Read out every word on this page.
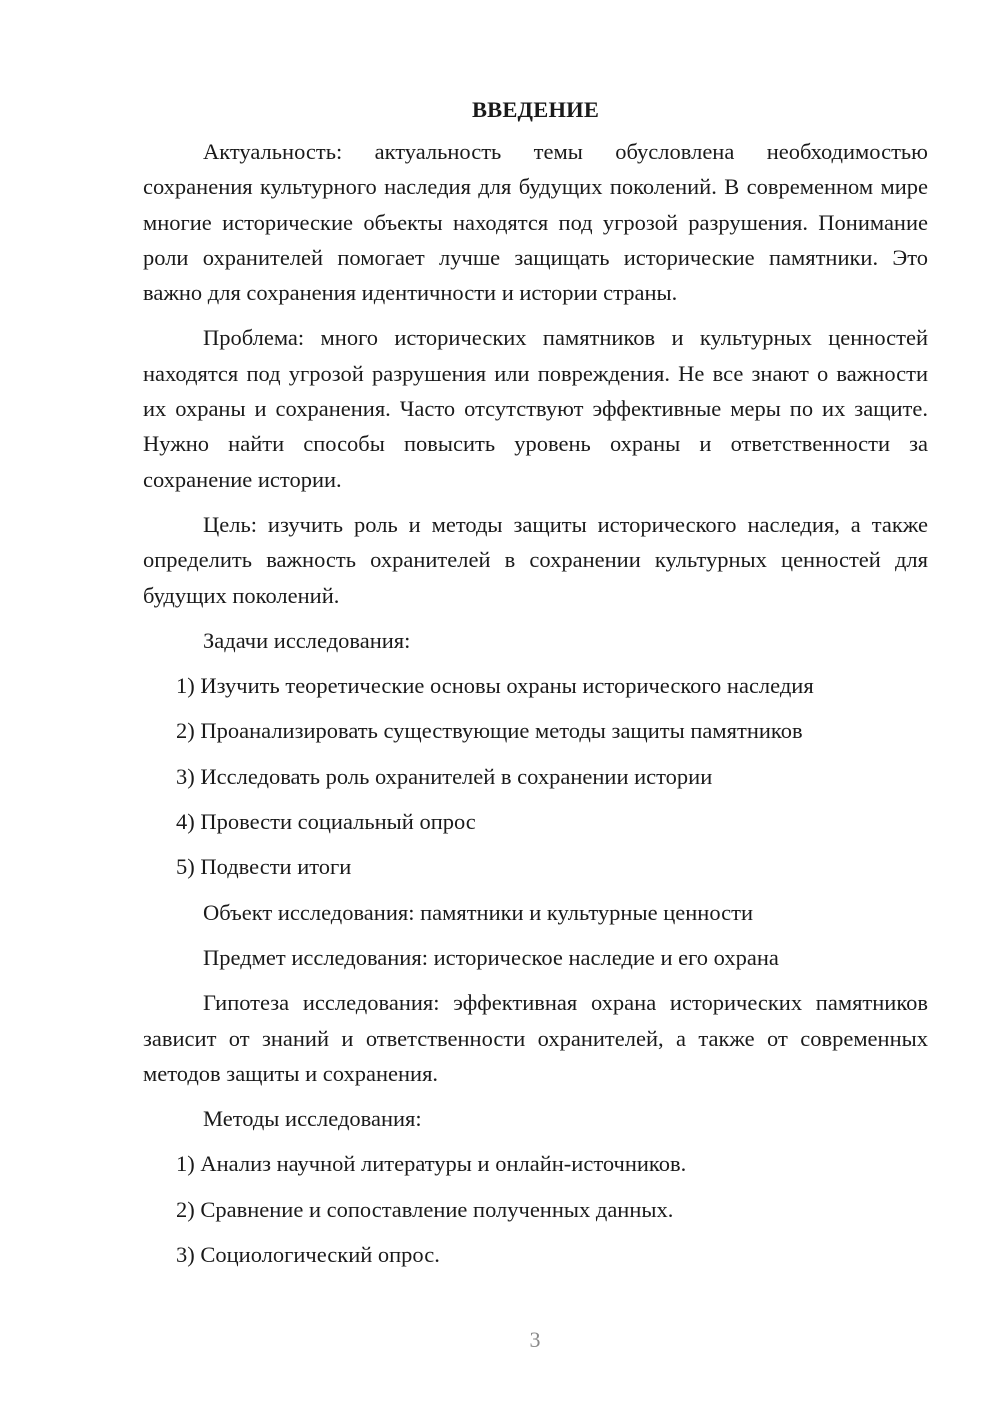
ВВЕДЕНИЕ

Актуальность: актуальность темы обусловлена необходимостью сохранения культурного наследия для будущих поколений. В современном мире многие исторические объекты находятся под угрозой разрушения. Понимание роли охранителей помогает лучше защищать исторические памятники. Это важно для сохранения идентичности и истории страны.

Проблема: много исторических памятников и культурных ценностей находятся под угрозой разрушения или повреждения. Не все знают о важности их охраны и сохранения. Часто отсутствуют эффективные меры по их защите. Нужно найти способы повысить уровень охраны и ответственности за сохранение истории.

Цель: изучить роль и методы защиты исторического наследия, а также определить важность охранителей в сохранении культурных ценностей для будущих поколений.

Задачи исследования:

1) Изучить теоретические основы охраны исторического наследия

2) Проанализировать существующие методы защиты памятников

3) Исследовать роль охранителей в сохранении истории

4) Провести социальный опрос

5) Подвести итоги

Объект исследования: памятники и культурные ценности

Предмет исследования: историческое наследие и его охрана

Гипотеза исследования: эффективная охрана исторических памятников зависит от знаний и ответственности охранителей, а также от современных методов защиты и сохранения.

Методы исследования:

1) Анализ научной литературы и онлайн-источников.

2) Сравнение и сопоставление полученных данных.

3) Социологический опрос.

3
